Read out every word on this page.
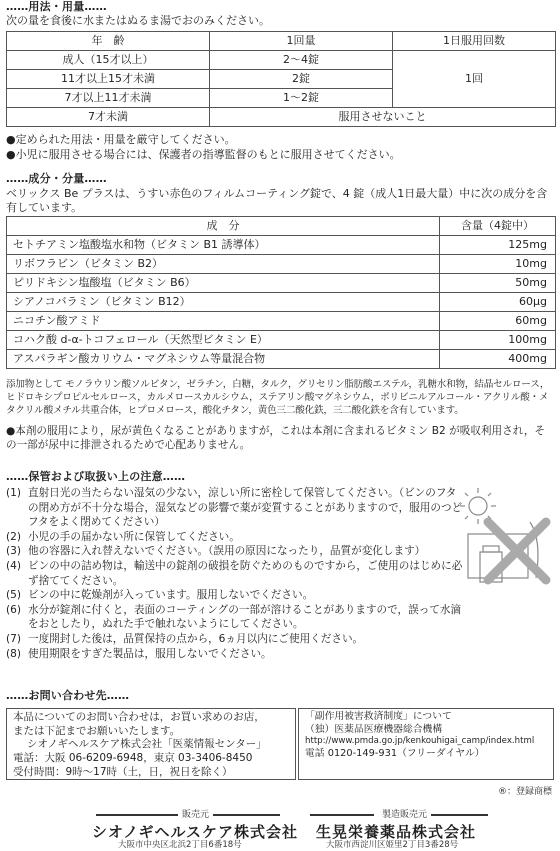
……用法・用量……
次の量を食後に水またはぬるま湯でおのみください。
年　齢	1回量	1日服用回数
成人（15才以上）	2～4錠	1回
11才以上15才未満	2錠	
7才以上11才未満	1～2錠	
7才未満	服用させないこと	
●定められた用法・用量を厳守してください。
●小児に服用させる場合には、保護者の指導監督のもとに服用させてください。
……成分・分量……
ベリックス Be プラスは、うすい赤色のフィルムコーティング錠で、4 錠（成人1日最大量）中に次の成分を含有しています。
成　分	含量（4錠中）
セトチアミン塩酸塩水和物（ビタミン B1 誘導体）	125mg
リボフラビン（ビタミン B2）	10mg
ピリドキシン塩酸塩（ビタミン B6）	50mg
シアノコバラミン（ビタミン B12）	60μg
ニコチン酸アミド	60mg
コハク酸 d-α-トコフェロール（天然型ビタミン E）	100mg
アスパラギン酸カリウム・マグネシウム等量混合物	400mg
添加物として モノラウリン酸ソルビタン，ゼラチン，白糖，タルク，グリセリン脂肪酸エステル，乳糖水和物，結晶セルロース，ヒドロキシプロピルセルロース，カルメロースカルシウム，ステアリン酸マグネシウム，ポリビニルアルコール・アクリル酸・メタクリル酸メチル共重合体，ヒプロメロース，酸化チタン，黄色三二酸化鉄，三二酸化鉄を含有しています。
●本剤の服用により，尿が黄色くなることがありますが，これは本剤に含まれるビタミン B2 が吸収利用され，その一部が尿中に排泄されるためで心配ありません。
……保管および取扱い上の注意……
(1) 直射日光の当たらない湿気の少ない，涼しい所に密栓して保管してください。（ビンのフタの閉め方が不十分な場合，湿気などの影響で薬が変質することがありますので，服用のつどフタをよく閉めてください）
(2) 小児の手の届かない所に保管してください。
(3) 他の容器に入れ替えないでください。（誤用の原因になったり，品質が変化します）
(4) ビンの中の詰め物は，輸送中の錠剤の破損を防ぐためのものですから，ご使用のはじめに必ず捨ててください。
(5) ビンの中に乾燥剤が入っています。服用しないでください。
(6) 水分が錠剤に付くと，表面のコーティングの一部が溶けることがありますので，誤って水滴をおとしたり，ぬれた手で触れないようにしてください。
(7) 一度開封した後は，品質保持の点から，6ヵ月以内にご使用ください。
(8) 使用期限をすぎた製品は，服用しないでください。
……お問い合わせ先……
本品についてのお問い合わせは，お買い求めのお店，
または下記までお願いいたします。
シオノギヘルスケア株式会社「医薬情報センター」
電話：大阪 06-6209-6948，東京 03-3406-8450
受付時間：9時～17時（土，日，祝日を除く）
「副作用被害救済制度」について
（独）医薬品医療機器総合機構
http://www.pmda.go.jp/kenkouhigai_camp/index.html
電話 0120-149-931（フリーダイヤル）
®：登録商標
販売元
シオノギヘルスケア株式会社
大阪市中央区北浜2丁目6番18号
製造販売元
生晃栄養薬品株式会社
大阪市西淀川区姫里2丁目3番28号
